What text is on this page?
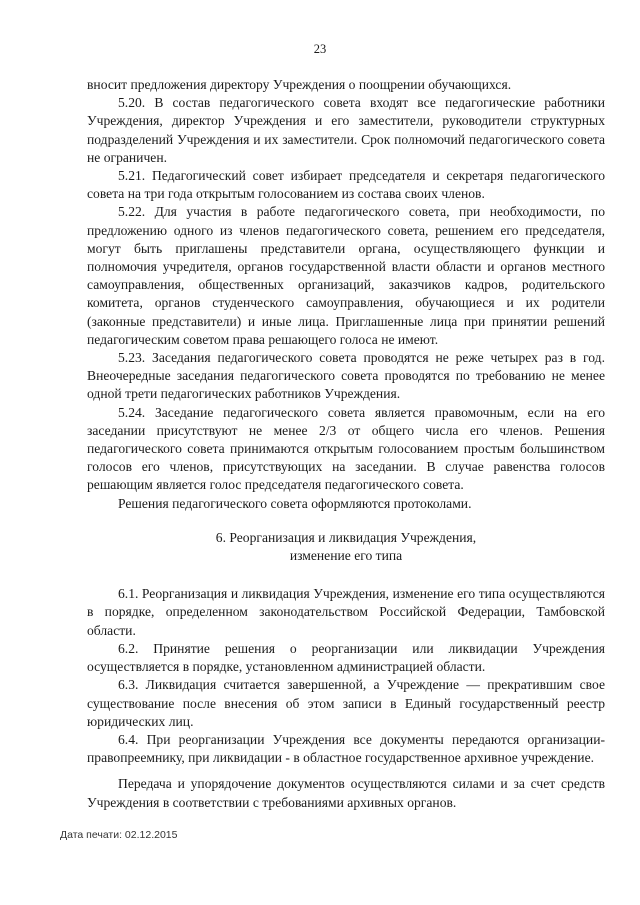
23

вносит предложения директору Учреждения о поощрении обучающихся.

5.20. В состав педагогического совета входят все педагогические работники Учреждения, директор Учреждения и его заместители, руководители структурных подразделений Учреждения и их заместители. Срок полномочий педагогического совета не ограничен.

5.21. Педагогический совет избирает председателя и секретаря педагогического совета на три года открытым голосованием из состава своих членов.

5.22. Для участия в работе педагогического совета, при необходимости, по предложению одного из членов педагогического совета, решением его председателя, могут быть приглашены представители органа, осуществляющего функции и полномочия учредителя, органов государственной власти области и органов местного самоуправления, общественных организаций, заказчиков кадров, родительского комитета, органов студенческого самоуправления, обучающиеся и их родители (законные представители) и иные лица. Приглашенные лица при принятии решений педагогическим советом права решающего голоса не имеют.

5.23. Заседания педагогического совета проводятся не реже четырех раз в год. Внеочередные заседания педагогического совета проводятся по требованию не менее одной трети педагогических работников Учреждения.

5.24. Заседание педагогического совета является правомочным, если на его заседании присутствуют не менее 2/3 от общего числа его членов. Решения педагогического совета принимаются открытым голосованием простым большинством голосов его членов, присутствующих на заседании. В случае равенства голосов решающим является голос председателя педагогического совета.

Решения педагогического совета оформляются протоколами.

6. Реорганизация и ликвидация Учреждения,
изменение его типа

6.1. Реорганизация и ликвидация Учреждения, изменение его типа осуществляются в порядке, определенном законодательством Российской Федерации, Тамбовской области.

6.2. Принятие решения о реорганизации или ликвидации Учреждения осуществляется в порядке, установленном администрацией области.

6.3. Ликвидация считается завершенной, а Учреждение — прекратившим свое существование после внесения об этом записи в Единый государственный реестр юридических лиц.

6.4. При реорганизации Учреждения все документы передаются организации-правопреемнику, при ликвидации - в областное государственное архивное учреждение.

Передача и упорядочение документов осуществляются силами и за счет средств Учреждения в соответствии с требованиями архивных органов.

Дата печати: 02.12.2015
